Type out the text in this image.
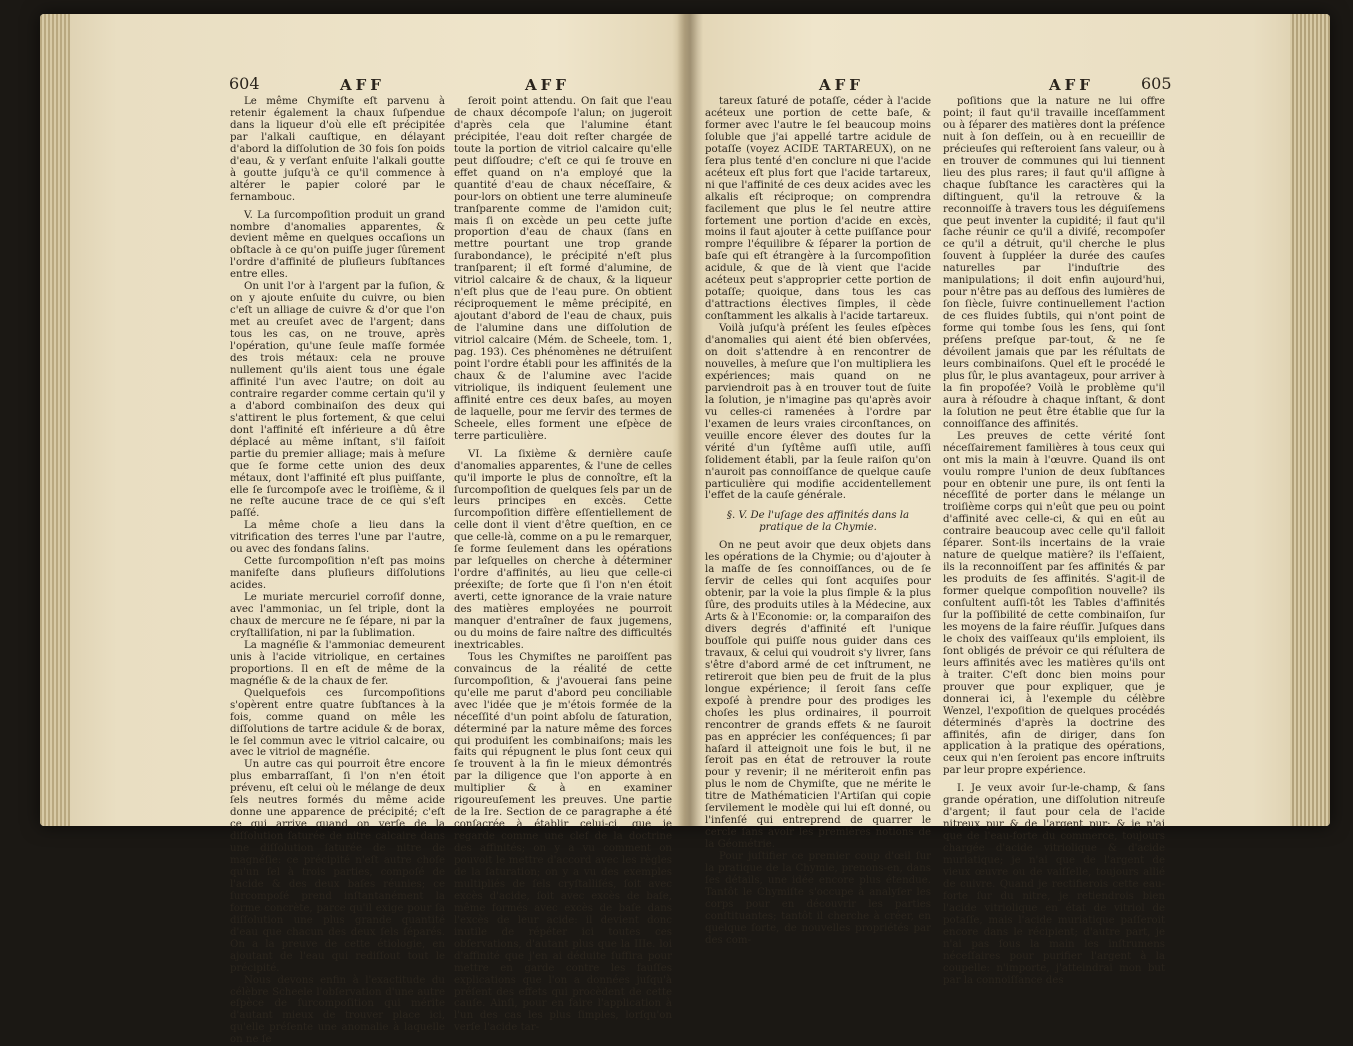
604	AFF	AFF

Le même Chymiſte eſt parvenu à retenir également la chaux ſuſpendue dans la liqueur d'où elle eſt précipitée par l'alkali cauſtique, en délayant d'abord la diſſolution de 30 fois ſon poids d'eau, & y verſant enſuite l'alkali goutte à goutte juſqu'à ce qu'il commence à altérer le papier coloré par le fernambouc.

V. La ſurcompoſition produit un grand nombre d'anomalies apparentes, & devient même en quelques occaſions un obſtacle à ce qu'on puiſſe juger ſûrement l'ordre d'affinité de pluſieurs ſubſtances entre elles.

On unit l'or à l'argent par la fuſion, & on y ajoute enſuite du cuivre, ou bien c'eſt un alliage de cuivre & d'or que l'on met au creuſet avec de l'argent; dans tous les cas, on ne trouve, après l'opération, qu'une ſeule maſſe formée des trois métaux: cela ne prouve nullement qu'ils aient tous une égale affinité l'un avec l'autre; on doit au contraire regarder comme certain qu'il y a d'abord combinaiſon des deux qui s'attirent le plus fortement, & que celui dont l'affinité eſt inférieure a dû être déplacé au même inſtant, s'il faiſoit partie du premier alliage; mais à meſure que ſe forme cette union des deux métaux, dont l'affinité eſt plus puiſſante, elle ſe ſurcompoſe avec le troiſième, & il ne reſte aucune trace de ce qui s'eſt paſſé.

La même choſe a lieu dans la vitrification des terres l'une par l'autre, ou avec des fondans ſalins.

Cette ſurcompoſition n'eſt pas moins manifeſte dans pluſieurs diſſolutions acides.

Le muriate mercuriel corroſif donne, avec l'ammoniac, un ſel triple, dont la chaux de mercure ne ſe ſépare, ni par la cryſtalliſation, ni par la ſublimation.

La magnéſie & l'ammoniac demeurent unis à l'acide vitriolique, en certaines proportions. Il en eſt de même de la magnéſie & de la chaux de fer.

Quelquefois ces ſurcompoſitions s'opèrent entre quatre ſubſtances à la fois, comme quand on mêle les diſſolutions de tartre acidule & de borax, le ſel commun avec le vitriol calcaire, ou avec le vitriol de magnéſie.

Un autre cas qui pourroit être encore plus embarraſſant, ſi l'on n'en étoit prévenu, eſt celui où le mélange de deux ſels neutres formés du même acide donne une apparence de précipité; c'eſt ce qui arrive quand on verſe de la diſſolution ſaturée de nitre calcaire dans une diſſolution ſaturée de nitre de magnéſie: ce précipité n'eſt autre choſe qu'un ſel à trois parties, compoſé de l'acide & des deux baſes réunies; ce ſurcompoſé prend inſtantanément la forme concrète, parce qu'il exige pour ſa diſſolution une plus grande quantité d'eau que chacun des deux ſels ſéparés. On a la preuve de cette étiologie, en ajoutant de l'eau qui rediſſout tout le précipité.

Nous devons enfin à l'exactitude du célèbre Scheele l'obſervation d'une autre eſpèce de ſurcompoſition qui mérite d'autant mieux de trouver place ici, qu'elle préſente une anomalie à laquelle on ne ſe

ſeroit point attendu. On ſait que l'eau de chaux décompoſe l'alun; on jugeroit d'après cela que l'alumine étant précipitée, l'eau doit reſter chargée de toute la portion de vitriol calcaire qu'elle peut diſſoudre; c'eſt ce qui ſe trouve en effet quand on n'a employé que la quantité d'eau de chaux néceſſaire, & pour-lors on obtient une terre alumineuſe tranſparente comme de l'amidon cuit; mais ſi on excède un peu cette juſte proportion d'eau de chaux (ſans en mettre pourtant une trop grande ſurabondance), le précipité n'eſt plus tranſparent; il eſt formé d'alumine, de vitriol calcaire & de chaux, & la liqueur n'eſt plus que de l'eau pure. On obtient réciproquement le même précipité, en ajoutant d'abord de l'eau de chaux, puis de l'alumine dans une diſſolution de vitriol calcaire (Mém. de Scheele, tom. 1, pag. 193). Ces phénomènes ne détruiſent point l'ordre établi pour les affinités de la chaux & de l'alumine avec l'acide vitriolique, ils indiquent ſeulement une affinité entre ces deux baſes, au moyen de laquelle, pour me ſervir des termes de Scheele, elles forment une eſpèce de terre particulière.

VI. La ſixième & dernière cauſe d'anomalies apparentes, & l'une de celles qu'il importe le plus de connoître, eſt la ſurcompoſition de quelques ſels par un de leurs principes en excès. Cette ſurcompoſition diffère eſſentiellement de celle dont il vient d'être queſtion, en ce que celle-là, comme on a pu le remarquer, ſe forme ſeulement dans les opérations par leſquelles on cherche à déterminer l'ordre d'affinités, au lieu que celle-ci préexiſte; de ſorte que ſi l'on n'en étoit averti, cette ignorance de la vraie nature des matières employées ne pourroit manquer d'entraîner de faux jugemens, ou du moins de faire naître des difficultés inextricables.

Tous les Chymiſtes ne paroiſſent pas convaincus de la réalité de cette ſurcompoſition, & j'avouerai ſans peine qu'elle me parut d'abord peu conciliable avec l'idée que je m'étois formée de la néceſſité d'un point abſolu de ſaturation, déterminé par la nature même des forces qui produiſent les combinaiſons; mais les faits qui répugnent le plus ſont ceux qui ſe trouvent à la fin le mieux démontrés par la diligence que l'on apporte à en multiplier & à en examiner rigoureuſement les preuves. Une partie de la Ire. Section de ce paragraphe a été conſacrée à établir celui-ci, que je regarde comme une clef de la doctrine des affinités; on y a vu comment on pouvoit le mettre d'accord avec les règles de la ſaturation; on y a vu des exemples multipliés de ſels cryſtalliſés, ſoit avec excès d'acide, ſoit avec excès de baſe, même formés avec excès de baſe dans l'excès de leur acide: il devient donc inutile de répéter ici toutes ces obſervations, d'autant plus que la IIIe. loi d'affinité que j'en ai déduite ſuffira pour mettre en garde contre les fauſſes explications que l'on a données juſqu'à préſent des effets qui procèdent de cette cauſe. Ainſi, pour en faire l'application à l'un des cas les plus ſimples, lorſqu'on verſe l'acide tar-

AFF	AFF	605

tareux ſaturé de potaſſe, céder à l'acide acéteux une portion de cette baſe, & former avec l'autre le ſel beaucoup moins ſoluble que j'ai appellé tartre acidule de potaſſe (voyez ACIDE TARTAREUX), on ne ſera plus tenté d'en conclure ni que l'acide acéteux eſt plus fort que l'acide tartareux, ni que l'affinité de ces deux acides avec les alkalis eſt réciproque; on comprendra facilement que plus le ſel neutre attire fortement une portion d'acide en excès, moins il faut ajouter à cette puiſſance pour rompre l'équilibre & ſéparer la portion de baſe qui eſt étrangère à la ſurcompoſition acidule, & que de là vient que l'acide acéteux peut s'approprier cette portion de potaſſe; quoique, dans tous les cas d'attractions électives ſimples, il cède conſtamment les alkalis à l'acide tartareux.

Voilà juſqu'à préſent les ſeules eſpèces d'anomalies qui aient été bien obſervées, on doit s'attendre à en rencontrer de nouvelles, à meſure que l'on multipliera les expériences; mais quand on ne parviendroit pas à en trouver tout de ſuite la ſolution, je n'imagine pas qu'après avoir vu celles-ci ramenées à l'ordre par l'examen de leurs vraies circonſtances, on veuille encore élever des doutes ſur la vérité d'un ſyſtême auſſi utile, auſſi ſolidement établi, par la ſeule raiſon qu'on n'auroit pas connoiſſance de quelque cauſe particulière qui modifie accidentellement l'effet de la cauſe générale.

§. V. De l'uſage des affinités dans la pratique de la Chymie.

On ne peut avoir que deux objets dans les opérations de la Chymie; ou d'ajouter à la maſſe de ſes connoiſſances, ou de ſe ſervir de celles qui ſont acquiſes pour obtenir, par la voie la plus ſimple & la plus ſûre, des produits utiles à la Médecine, aux Arts & à l'Economie: or, la comparaiſon des divers degrés d'affinité eſt l'unique bouſſole qui puiſſe nous guider dans ces travaux, & celui qui voudroit s'y livrer, ſans s'être d'abord armé de cet inſtrument, ne retireroit que bien peu de fruit de la plus longue expérience; il ſeroit ſans ceſſe expoſé à prendre pour des prodiges les choſes les plus ordinaires, il pourroit rencontrer de grands effets & ne ſauroit pas en apprécier les conſéquences; ſi par haſard il atteignoit une fois le but, il ne ſeroit pas en état de retrouver la route pour y revenir; il ne mériteroit enfin pas plus le nom de Chymiſte, que ne mérite le titre de Mathématicien l'Artiſan qui copie ſervilement le modèle qui lui eſt donné, ou l'infenſé qui entreprend de quarrer le cercle ſans avoir les premières notions de la Géométrie.

Pour juſtifier ce premier coup d'œil ſur la pratique de la Chymie, prenons-en, dans ſes détails, une idée encore plus étendue. Tantôt le Chymiſte s'occupe à analyſer les corps pour en découvrir les parties conſtituantes; tantôt il cherche à créer, en quelque ſorte, de nouvelles propriétés par des com-

poſitions que la nature ne lui offre point; il faut qu'il travaille inceſſamment ou à ſéparer des matières dont la préſence nuit à ſon deſſein, ou à en recueillir de précieuſes qui reſteroient ſans valeur, ou à en trouver de communes qui lui tiennent lieu des plus rares; il faut qu'il aſſigne à chaque ſubſtance les caractères qui la diſtinguent, qu'il la retrouve & la reconnoiſſe à travers tous les déguiſemens que peut inventer la cupidité; il faut qu'il ſache réunir ce qu'il a diviſé, recompoſer ce qu'il a détruit, qu'il cherche le plus ſouvent à ſuppléer la durée des cauſes naturelles par l'induſtrie des manipulations; il doit enfin aujourd'hui, pour n'être pas au deſſous des lumières de ſon ſiècle, ſuivre continuellement l'action de ces fluides ſubtils, qui n'ont point de forme qui tombe ſous les ſens, qui ſont préſens preſque par-tout, & ne ſe dévoilent jamais que par les réſultats de leurs combinaiſons. Quel eſt le procédé le plus ſûr, le plus avantageux, pour arriver à la fin propoſée? Voilà le problème qu'il aura à réſoudre à chaque inſtant, & dont la ſolution ne peut être établie que ſur la connoiſſance des affinités.

Les preuves de cette vérité ſont néceſſairement familières à tous ceux qui ont mis la main à l'œuvre. Quand ils ont voulu rompre l'union de deux ſubſtances pour en obtenir une pure, ils ont ſenti la néceſſité de porter dans le mélange un troiſième corps qui n'eût que peu ou point d'affinité avec celle-ci, & qui en eût au contraire beaucoup avec celle qu'il falloit ſéparer. Sont-ils incertains de la vraie nature de quelque matière? ils l'eſſaient, ils la reconnoiſſent par ſes affinités & par les produits de ſes affinités. S'agit-il de former quelque compoſition nouvelle? ils conſultent auſſi-tôt les Tables d'affinités ſur la poſſibilité de cette combinaiſon, ſur les moyens de la faire réuſſir. Juſques dans le choix des vaiſſeaux qu'ils emploient, ils ſont obligés de prévoir ce qui réſultera de leurs affinités avec les matières qu'ils ont à traiter. C'eſt donc bien moins pour prouver que pour expliquer, que je donnerai ici, à l'exemple du célèbre Wenzel, l'expoſition de quelques procédés déterminés d'après la doctrine des affinités, afin de diriger, dans ſon application à la pratique des opérations, ceux qui n'en ſeroient pas encore inſtruits par leur propre expérience.

I. Je veux avoir ſur-le-champ, & ſans grande opération, une diſſolution nitreuſe d'argent; il faut pour cela de l'acide nitreux pur & de l'argent pur; & je n'ai que de l'eau-forte du commerce, toujours chargée d'acide vitriolique & d'acide muriatique; je n'ai que de l'argent de vieux œuvre ou de vaiſſelle, toujours allié de cuivre. Quand je rectifierois cette eau-forte ſur du nitre, je retiendrois bien l'acide vitriolique en état de vitriol de potaſſe, mais l'acide muriatique paſſeroit encore dans le récipient; d'autre part, je n'ai pas ſous la main les inſtrumens néceſſaires pour purifier l'argent à la coupelle: n'importe, j'atteindrai mon but par la connoiſſance des
